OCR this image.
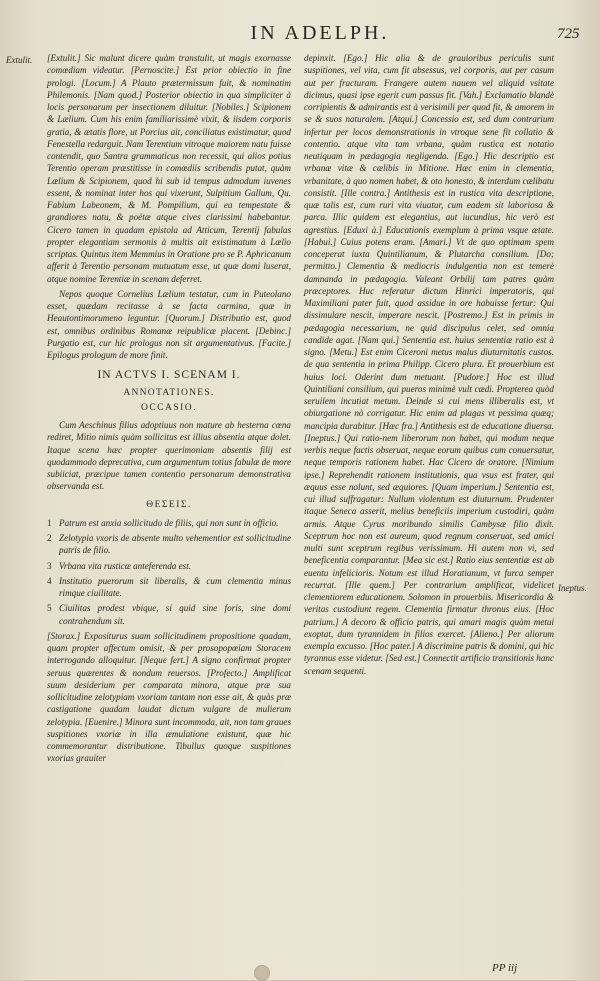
IN ADELPH.	725
Extulit.
Ineptus.

[Extulit.] Sic malunt dicere quàm transtulit, ut magis exornasse comœdiam videatur. [Pernoscite.] Est prior obiectio in fine prologi. [Locum.] A Plauto prætermissum fuit, & nominatim Philemonis. [Nam quod.] Posterior obiectio in qua simpliciter à locis personarum per insectionem diluitur. [Nobiles.] Scipionem & Lælium. Cum his enim familiarissimè vixit, & iisdem corporis gratia, & ætatis flore, ut Porcius ait, conciliatus existimatur, quod Fenestella redarguit. Nam Terentium vitroque maiorem natu fuisse contendit, quo Santra grammaticus non recessit, qui alios potius Terentio operam præstitisse in comœdiis scribendis putat, quàm Lælium & Scipionem, quod hi sub id tempus admodum iuvenes essent, & nominat inter hos qui vixerunt, Sulpitium Gallum, Qu. Fabium Labeonem, & M. Pompilium, qui ea tempestate & grandiores natu, & poëtæ atque cives clarissimi habebantur. Cicero tamen in quadam epistola ad Atticum, Terentij fabulas propter elegantiam sermonis à multis ait existimatum à Lælio scriptas. Quintus item Memmius in Oratione pro se P. Aphricanum afferit à Terentio personam mutuatum esse, ut quæ domi luserat, atque nomine Terentiæ in scenam deferret.

Nepos quoque Cornelius Lælium testatur, cum in Puteolano esset, quædam recitasse à se facta carmina, quæ in Heautontimorumeno leguntur. [Quorum.] Distributio est, quod est, omnibus ordinibus Romanæ reipublicæ placent. [Debinc.] Purgatio est, cur hic prologus non sit argumentativus. [Facite.] Epilogus prologum de more finit.

IN ACTVS I. SCENAM I.
ANNOTATIONES.
OCCASIO.

Cum Aeschinus filius adoptiuus non mature ab hesterna cœna rediret, Mitio nimis quàm sollicitus est illius absentia atque dolet. Itaque scena hæc propter querimoniam absentis filij est quodammodo deprecativa, cum argumentum totius fabulæ de more subiiciat, præcipue tamen contentio personarum demonstrativa observanda est.

ΘΕΣΕΙΣ.
1 Patrum est anxia sollicitudo de filiis, qui non sunt in officio.
2 Zelotypia vxoris de absente multo vehementior est sollicitudine patris de filio.
3 Vrbana vita rusticæ anteferenda est.
4 Institutio puerorum sit liberalis, & cum clementia minus rimque ciuilitate.
5 Ciuilitas prodest vbique, si quid sine foris, sine domi contrahendum sit.

[Storax.] Expositurus suam sollicitudinem propositione quadam, quam propter affectum omisit, & per prosopopœiam Storacem interrogando alloquitur. [Neque fert.] A signo confirmat propter seruus quærentes & nondum reuersos. [Profecto.] Amplificat suum desiderium per comparata minora, atque præ sua sollicitudine zelotypiam vxoriam tantam non esse ait, & quàs præ castigatione quadam laudat dictum vulgare de mulierum zelotypia. [Euenire.] Minora sunt incommoda, ait, non tam graues suspitiones vxoriæ in illa æmulatione existunt, quæ hic commemorantur distributione. Tibullus quoque suspitiones vxorias grauiter

depinxit. [Ego.] Hic alia & de grauioribus periculis sunt suspitiones, vel vita, cum fit absessus, vel corporis, aut per casum aut per fracturam. Frangere autem nauem vel aliquid vsitate dicimus, quasi ipse egerit cum passus fit. [Vah.] Exclamatio blandè corripientis & admirantis est à verisimili per quod fit, & amorem in se & suos naturalem. [Atqui.] Concessio est, sed dum contrarium infertur per locos demonstrationis in vtroque sene fit collatio & contentio. atque vita tam vrbana, quàm rustica est notatio neutiquam in pædagogia negligenda. [Ego.] Hic descriptio est vrbanæ vitæ & cælibis in Mitione. Hæc enim in clementia, vrbanitate, à quo nomen habet, & oto honesto, & interdum cælibatu consistit. [Ille contra.] Antithesis est in rustica vita descriptione, quæ talis est, cum ruri vita viuatur, cum eadem sit laboriosa & parca. Illic quidem est elegantius, aut iucundius, hic verò est agrestius. [Eduxi à.] Educationis exemplum à prima vsque ætate. [Habui.] Cuius potens eram. [Amari.] Vt de quo optimam spem conceperat iuxta Quintilianum, & Plutarcha consilium. [Do; permitto.] Clementia & mediocris indulgentia non est temerè damnanda in pædagogia. Valeant Orbilij tam patres quàm præceptores. Huc referatur dictum Hinrici imperatoris, qui Maximiliani pater fuit, quod assidue in ore habuisse fertur: Qui dissimulare nescit, imperare nescit. [Postremo.] Est in primis in pædagogia necessarium, ne quid discipulus celet, sed omnia candide agat. [Nam qui.] Sententia est. huius sententiæ ratio est à signo. [Metu.] Est enim Ciceroni metus malus diuturnitatis custos. de qua sententia in prima Philipp. Cicero plura. Et prouerbium est huius loci. Oderint dum metuant. [Pudore.] Hoc est illud Quintiliani consilium, qui pueros minimè vult cædi. Propterea quòd seruilem incutiat metum. Deinde si cui mens illiberalis est, vt obiurgatione nò corrigatur. Hic enim ad plagas vt pessima quæq; mancipia durabitur. [Hæc fra.] Antithesis est de educatione diuersa. [Ineptus.] Qui ratio-nem liberorum non habet, qui modum neque verbis neque factis obseruat, neque eorum quibus cum conuersatur, neque temporis rationem habet. Hac Cicero de oratore. [Nimium ipse.] Reprehendit rationem institutionis, qua vsus est frater, qui æquus esse nolunt, sed æquiores. [Quam imperium.] Sententia est, cui illud suffragatur: Nullum violentum est diuturnum. Prudenter itaque Seneca asserit, melius beneficiis imperium custodiri, quàm armis. Atque Cyrus moribundo similis Cambysæ filio dixit. Sceptrum hoc non est aureum, quod regnum conseruat, sed amici multi sunt sceptrum regibus verissimum. Hi autem non vi, sed beneficentia comparantur. [Mea sic est.] Ratio eius sententiæ est ab euentu infelicioris. Notum est illud Horatianum, vt furca semper recurrat. [Ille quem.] Per contrarium amplificat, videlicet clementiorem educationem. Solomon in prouerbiis. Misericordia & veritas custodiunt regem. Clementia firmatur thronus eius. [Hoc patrium.] A decoro & officio patris, qui amari magis quàm metui exoptat, dum tyrannidem in filios exercet. [Alieno.] Per aliorum exempla excusso. [Hoc pater.] A discrimine patris & domini, qui hic tyrannus esse videtur. [Sed est.] Connectit artificio transitionis hanc scenam sequenti.

PP iij
